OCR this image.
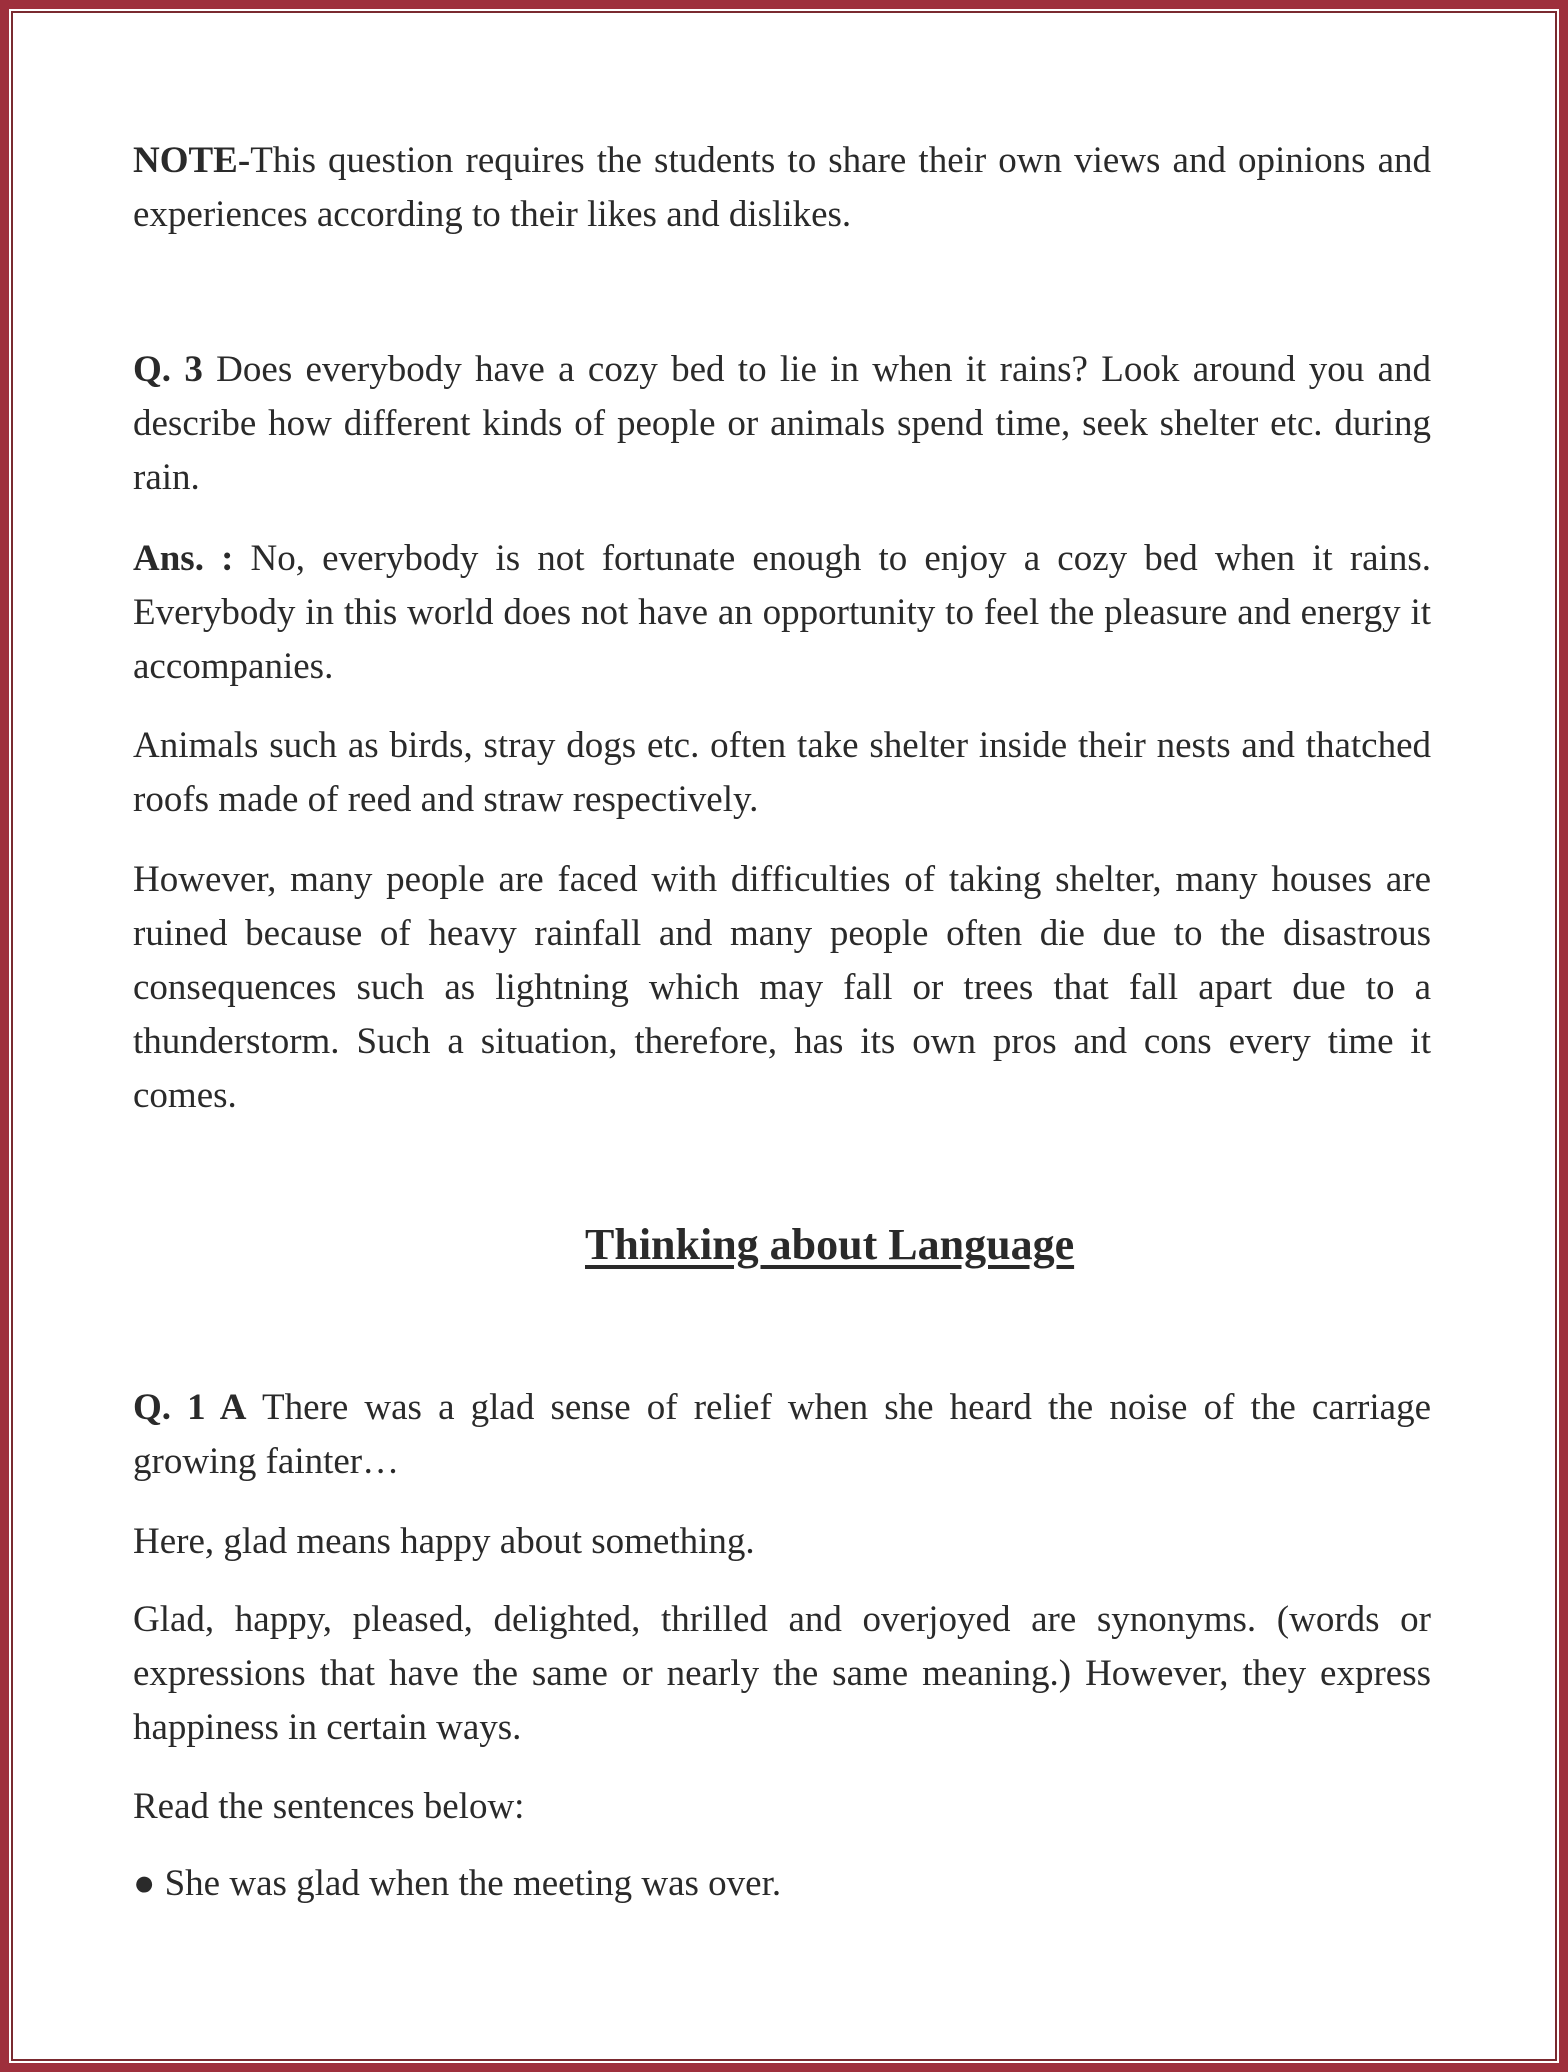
NOTE-This question requires the students to share their own views and opinions and experiences according to their likes and dislikes.

Q. 3 Does everybody have a cozy bed to lie in when it rains? Look around you and describe how different kinds of people or animals spend time, seek shelter etc. during rain.

Ans. : No, everybody is not fortunate enough to enjoy a cozy bed when it rains. Everybody in this world does not have an opportunity to feel the pleasure and energy it accompanies.

Animals such as birds, stray dogs etc. often take shelter inside their nests and thatched roofs made of reed and straw respectively.

However, many people are faced with difficulties of taking shelter, many houses are ruined because of heavy rainfall and many people often die due to the disastrous consequences such as lightning which may fall or trees that fall apart due to a thunderstorm. Such a situation, therefore, has its own pros and cons every time it comes.

Thinking about Language

Q. 1 A There was a glad sense of relief when she heard the noise of the carriage growing fainter…

Here, glad means happy about something.

Glad, happy, pleased, delighted, thrilled and overjoyed are synonyms. (words or expressions that have the same or nearly the same meaning.) However, they express happiness in certain ways.

Read the sentences below:

● She was glad when the meeting was over.
